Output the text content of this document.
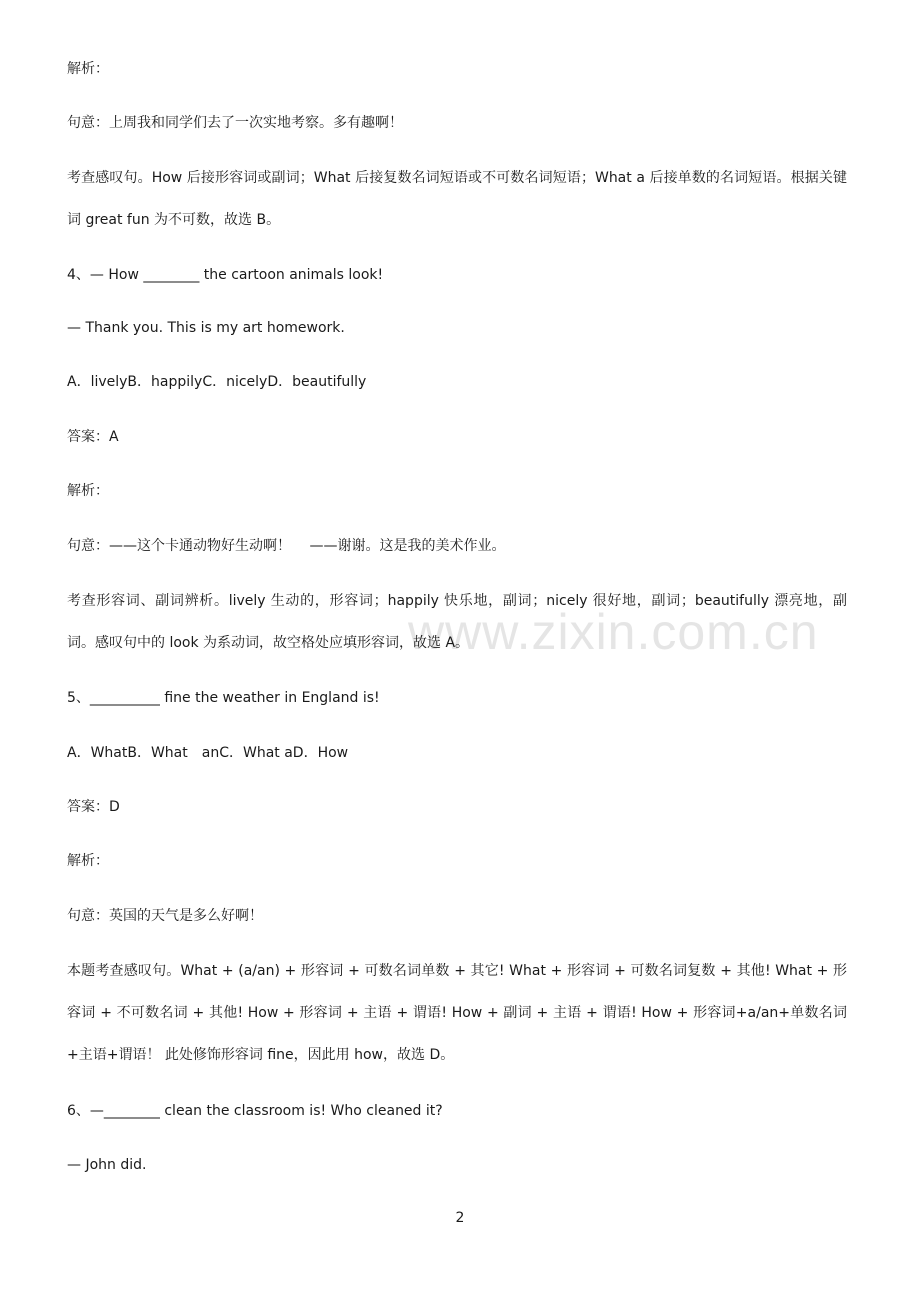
www.zixin.com.cn
解析：
句意：上周我和同学们去了一次实地考察。多有趣啊！
考查感叹句。How 后接形容词或副词；What 后接复数名词短语或不可数名词短语；What a 后接单数的名词短语。根据关键词 great fun 为不可数，故选 B。
4、— How ________ the cartoon animals look!
— Thank you. This is my art homework.
A．livelyB．happilyC．nicelyD．beautifully
答案：A
解析：
句意：——这个卡通动物好生动啊！　 ——谢谢。这是我的美术作业。
考查形容词、副词辨析。lively 生动的，形容词；happily 快乐地，副词；nicely 很好地，副词；beautifully 漂亮地，副词。感叹句中的 look 为系动词，故空格处应填形容词，故选 A。
5、__________ fine the weather in England is!
A．WhatB．What　anC．What aD．How
答案：D
解析：
句意：英国的天气是多么好啊！
本题考查感叹句。What + (a/an) + 形容词 + 可数名词单数 + 其它! What + 形容词 + 可数名词复数 + 其他! What + 形容词 + 不可数名词 + 其他! How + 形容词 + 主语 + 谓语! How + 副词 + 主语 + 谓语! How + 形容词+a/an+单数名词+主语+谓语！ 此处修饰形容词 fine，因此用 how，故选 D。
6、—________ clean the classroom is! Who cleaned it?
— John did.
2
